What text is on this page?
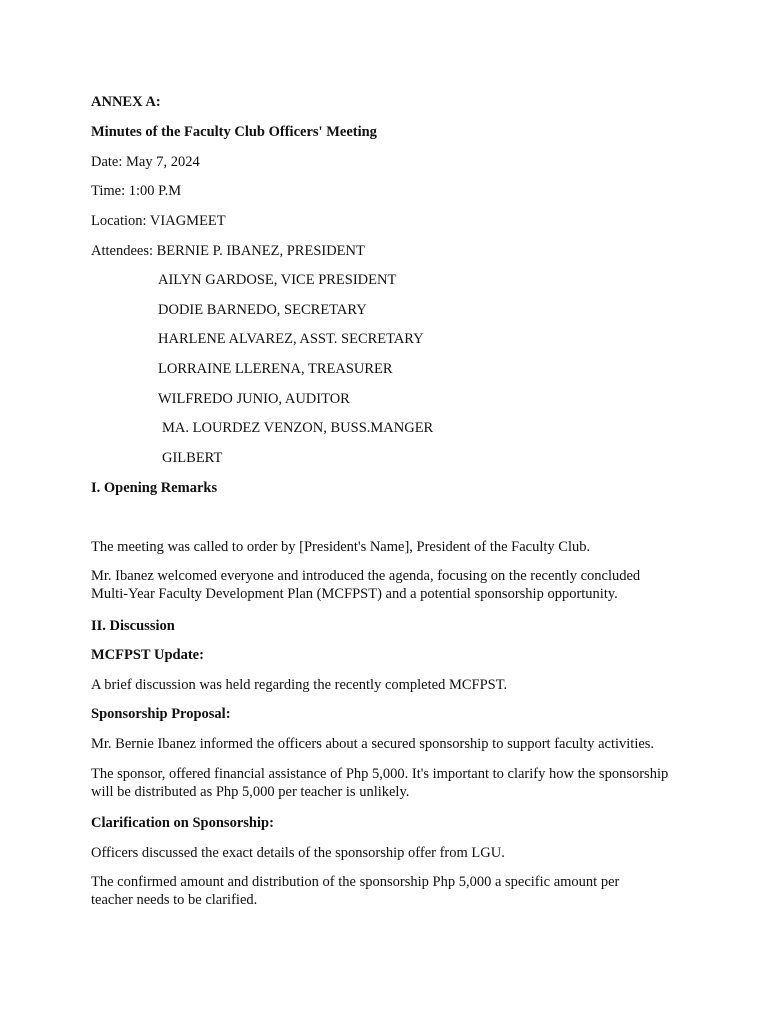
ANNEX A:
Minutes of the Faculty Club Officers' Meeting
Date: May 7, 2024
Time: 1:00 P.M
Location: VIAGMEET
Attendees: BERNIE P. IBANEZ, PRESIDENT
AILYN GARDOSE, VICE PRESIDENT
DODIE BARNEDO, SECRETARY
HARLENE ALVAREZ, ASST. SECRETARY
LORRAINE LLERENA, TREASURER
WILFREDO JUNIO, AUDITOR
MA. LOURDEZ VENZON, BUSS.MANGER
GILBERT
I. Opening Remarks
The meeting was called to order by [President's Name], President of the Faculty Club.
Mr. Ibanez welcomed everyone and introduced the agenda, focusing on the recently concluded
Multi-Year Faculty Development Plan (MCFPST) and a potential sponsorship opportunity.
II. Discussion
MCFPST Update:
A brief discussion was held regarding the recently completed MCFPST.
Sponsorship Proposal:
Mr. Bernie Ibanez informed the officers about a secured sponsorship to support faculty activities.
The sponsor, offered financial assistance of Php 5,000. It's important to clarify how the sponsorship
will be distributed as Php 5,000 per teacher is unlikely.
Clarification on Sponsorship:
Officers discussed the exact details of the sponsorship offer from LGU.
The confirmed amount and distribution of the sponsorship Php 5,000 a specific amount per
teacher needs to be clarified.
